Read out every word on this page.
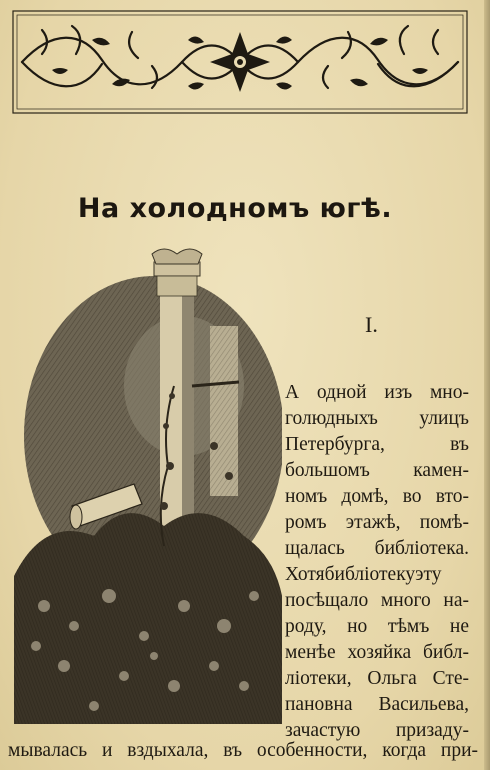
На холодномъ югѣ.
I.
А одной изъ мно-
голюдныхъ улицъ
Петербурга, въ
большомъ камен-
номъ домѣ, во вто-
ромъ этажѣ, помѣ-
щалась библіотека.
Хотябибліотекуэту
посѣщало много на-
роду, но тѣмъ не
менѣе хозяйка библ-
ліотеки, Ольга Сте-
пановна Васильева,
зачастую призаду-
мывалась и вздыхала, въ особенности, когда при-
